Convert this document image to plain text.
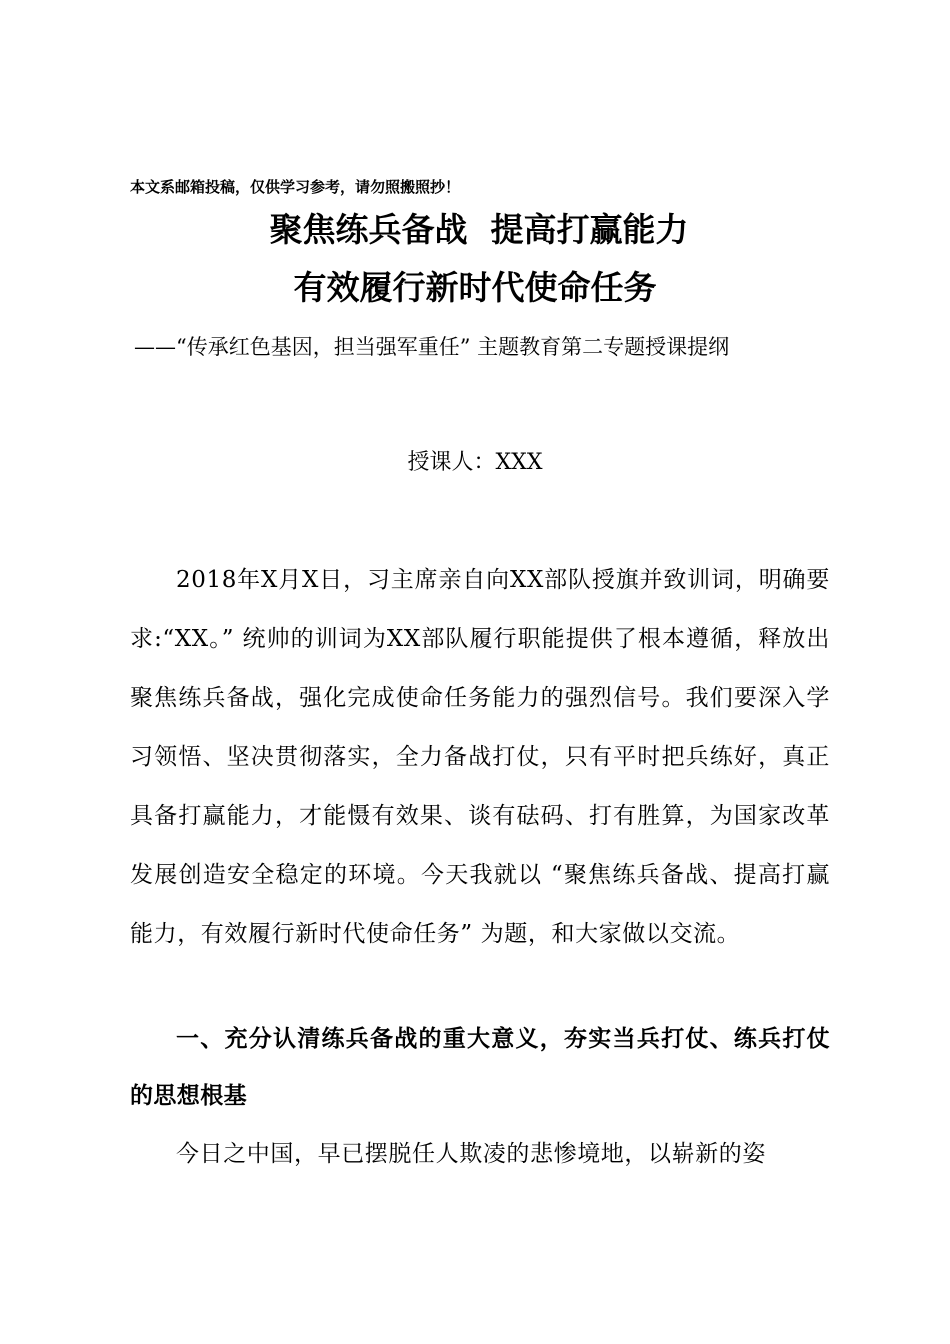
本文系邮箱投稿，仅供学习参考，请勿照搬照抄！
聚焦练兵备战  提高打赢能力
有效履行新时代使命任务
——“传承红色基因，担当强军重任” 主题教育第二专题授课提纲
授课人：XXX

2018年X月X日，习主席亲自向XX部队授旗并致训词，明确要求:“XX。” 统帅的训词为XX部队履行职能提供了根本遵循，释放出聚焦练兵备战，强化完成使命任务能力的强烈信号。我们要深入学习领悟、坚决贯彻落实，全力备战打仗，只有平时把兵练好，真正具备打赢能力，才能慑有效果、谈有砝码、打有胜算，为国家改革发展创造安全稳定的环境。今天我就以 “聚焦练兵备战、提高打赢能力，有效履行新时代使命任务” 为题，和大家做以交流。

一、充分认清练兵备战的重大意义，夯实当兵打仗、练兵打仗的思想根基

今日之中国，早已摆脱任人欺凌的悲惨境地，以崭新的姿
